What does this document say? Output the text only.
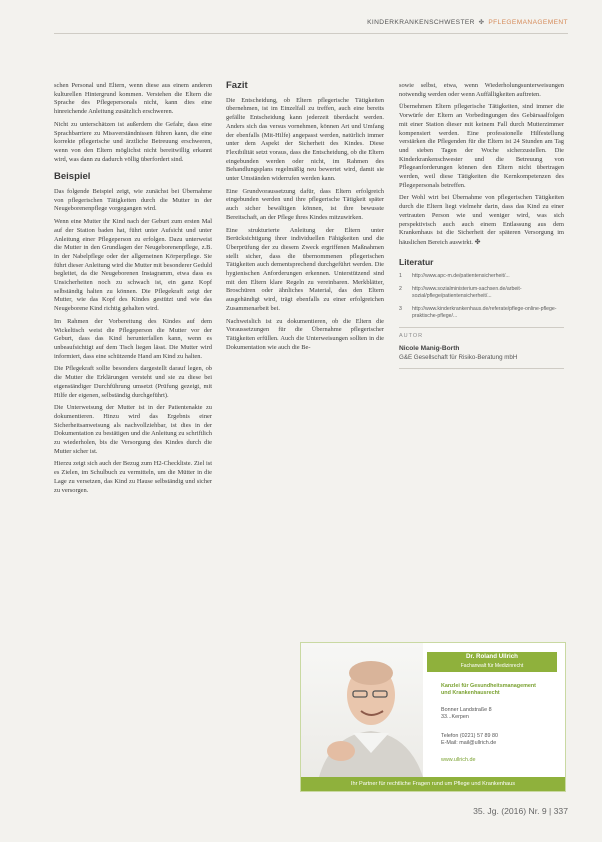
KINDERKRANKENSCHWESTER ✤ PFLEGEMANAGEMENT

schen Personal und Eltern, wenn diese aus einem anderen kulturellen Hintergrund kommen. Verstehen die Eltern die Sprache des Pflegepersonals nicht, kann dies eine hinreichende Anleitung zusätzlich erschweren.

Nicht zu unterschätzen ist außerdem die Gefahr, dass eine Sprachbarriere zu Missverständnissen führen kann, die eine korrekte pflegerische und ärztliche Betreuung erschweren, wenn von den Eltern möglichst nicht bereitwillig erkannt wird, was dann zu dadurch völlig überfordert sind.

Beispiel

Das folgende Beispiel zeigt, wie zunächst bei Übernahme von pflegerischen Tätigkeiten durch die Mutter in der Neugeborenenpflege vorgegangen wird.

Wenn eine Mutter ihr Kind nach der Geburt zum ersten Mal auf der Station baden hat, führt unter Aufsicht und unter Anleitung einer Pflegeperson zu erfolgen. Dazu unterweist die Mutter in den Grundlagen der Neugeborenenpflege, z.B. in der Nabelpflege oder der allgemeinen Körperpflege. Sie führt dieser Anleitung wird die Mutter mit besonderer Geduld begleitet, da die Neugeborenen Instagramm, etwa dass es Unsicherheiten noch zu schwach ist, ein ganz Kopf selbständig halten zu können. Die Pflegekraft zeigt der Mutter, wie das Kopf des Kindes gestützt und wie das Neugeborene Kind richtig gehalten wird.

Im Rahmen der Vorbereitung des Kindes auf dem Wickeltisch weist die Pflegeperson die Mutter vor der Geburt, dass das Kind herunterfallen kann, wenn es unbeaufsichtigt auf dem Tisch liegen lässt. Die Mutter wird informiert, dass eine schützende Hand am Kind zu halten.

Die Pflegekraft sollte besonders dargestellt darauf legen, ob die Mutter die Erklärungen versteht und sie zu diese bei eigenständiger Durchführung umsetzt (Prüfung gezeigt, mit Hilfe der eigenen, selbständig durchgeführt).

Die Unterweisung der Mutter ist in der Patientenakte zu dokumentieren. Hinzu wird das Ergebnis einer Sicherheitsanweisung als nachvollziehbar, ist dies in der Dokumentation zu bestätigen und die Anleitung zu schriftlich zu wiederholen, bis die Versorgung des Kindes durch die Mutter sicher ist.

Hierzu zeigt sich auch der Bezug zum H2-Checkliste. Ziel ist es Zielen, im Schulbuch zu vermitteln, um die Mütter in die Lage zu versetzen, das Kind zu Hause selbständig und sicher zu versorgen.

Fazit

Die Entscheidung, ob Eltern pflegerische Tätigkeiten übernehmen, ist im Einzelfall zu treffen, auch eine bereits gefällte Entscheidung kann jederzeit überdacht werden. Anders sich das versus vornehmen, können Art und Umfang der ebenfalls (Mit-Hilfe) angepasst werden, natürlich immer unter dem Aspekt der Sicherheit des Kindes. Diese Flexibilität setzt voraus, dass die Entscheidung, ob die Eltern eingebunden werden oder nicht, im Rahmen des Behandlungsplans regelmäßig neu bewertet wird, damit sie unter Umständen widerrufen werden kann.

Eine Grundvoraussetzung dafür, dass Eltern erfolgreich eingebunden werden und ihre pflegerische Tätigkeit später auch sicher bewältigen können, ist ihre bewusste Bereitschaft, an der Pflege ihres Kindes mitzuwirken.

Eine strukturierte Anleitung der Eltern unter Berücksichtigung ihrer individuellen Fähigkeiten und die Überprüfung der zu diesem Zweck ergriffenen Maßnahmen stellt sicher, dass die übernommenen pflegerischen Tätigkeiten auch dementsprechend durchgeführt werden. Die hygienischen Anforderungen erkennen. Unterstützend sind mit den Eltern klare Regeln zu vereinbaren. Merkblätter, Broschüren oder ähnliches Material, das den Eltern ausgehändigt wird, trägt ebenfalls zu einer erfolgreichen Zusammenarbeit bei.

Nachweislich ist zu dokumentieren, ob die Eltern die Voraussetzungen für die Übernahme pflegerischer Tätigkeiten erfüllen. Auch die Unterweisungen sollten in die Dokumentation wie auch die Be-

sowie selbst, etwa, wenn Wiederholungsunterweisungen notwendig werden oder wenn Auffälligkeiten auftreten.

Übernehmen Eltern pflegerische Tätigkeiten, sind immer die Vorwürfe der Eltern an Vorbedingungen des Gebärsaalfolgen mit einer Station dieser mit keinem Fall durch Mutterzimmer kompensiert werden. Eine professionelle Hilfestellung verstärken die Pflegenden für die Eltern ist 24 Stunden am Tag und sieben Tagen der Woche sicherzustellen. Die Kinderkrankenschwester und die Betreuung von Pflegeanforderungen können den Eltern nicht übertragen werden, weil diese Tätigkeiten die Kernkompetenzen des Pflegepersonals betreffen.

Der Wohl wirt bei Übernahme von pflegerischen Tätigkeiten durch die Eltern liegt vielmehr darin, dass das Kind zu einer vertrauten Person wie und weniger wird, was sich perspektivisch auch auch einem Entlassung aus dem Krankenhaus ist die Sicherheit der späteren Versorgung im häuslichen Bereich auswirkt. ✤

Literatur
1	http://www.apc-m.de/patientensicherheit/...
2	http://www.sozialministerium-sachsen.de/arbeit-sozial/pflege/patientensicherheit/...
3	http://www.kinderkrankenhaus.de/referate/pflege-online-pflege-praktische-pflege/...
AUTOR
Nicole Manig-Borth
G&E Gesellschaft für Risiko-Beratung mbH
Dr. Roland Ullrich
Fachanwalt für Medizinrecht
Kanzlei für Gesundheitsmanagement
und Krankenhausrecht
Bonner Landstraße 8
33...Kerpen
Telefon (0221) 57 89 80
E-Mail: mail@ullrich.de
www.ullrich.de
Ihr Partner für rechtliche Fragen rund um Pflege und Krankenhaus
35. Jg. (2016) Nr. 9 | 337
